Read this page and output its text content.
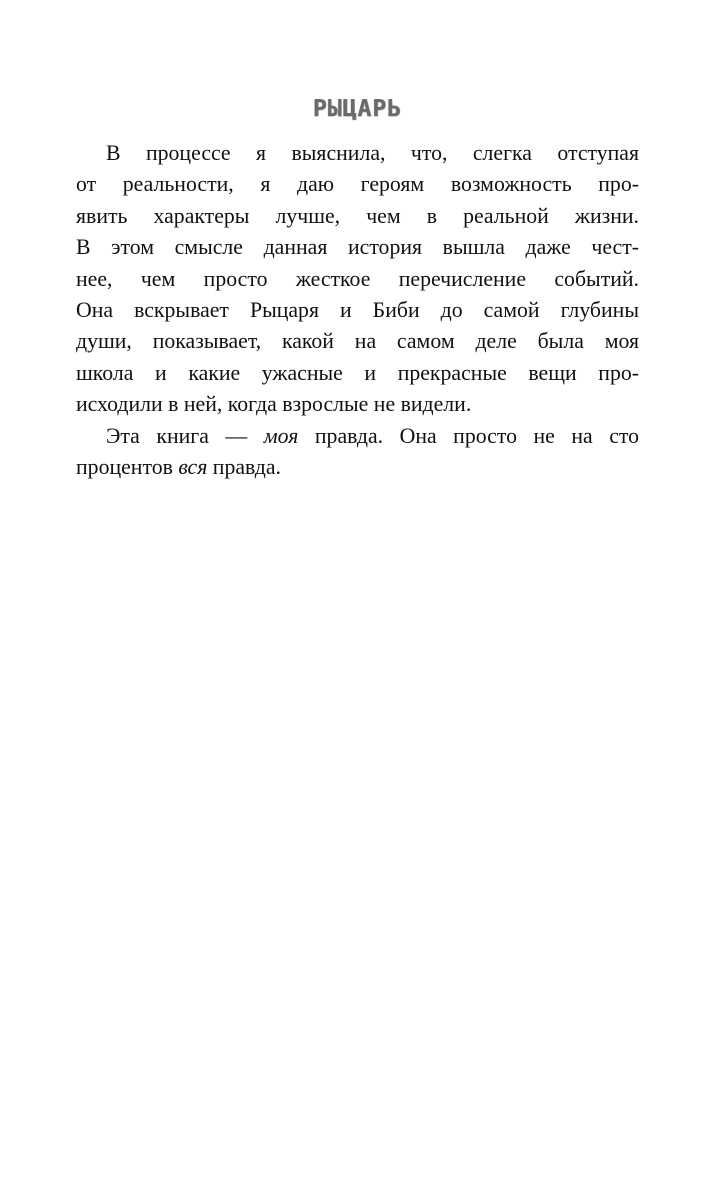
РЫЦАРЬ
В процессе я выяснила, что, слегка отступая
от реальности, я даю героям возможность про-
явить характеры лучше, чем в реальной жизни.
В этом смысле данная история вышла даже чест-
нее, чем просто жесткое перечисление событий.
Она вскрывает Рыцаря и Биби до самой глубины
души, показывает, какой на самом деле была моя
школа и какие ужасные и прекрасные вещи про-
исходили в ней, когда взрослые не видели.
Эта книга — моя правда. Она просто не на сто
процентов вся правда.
